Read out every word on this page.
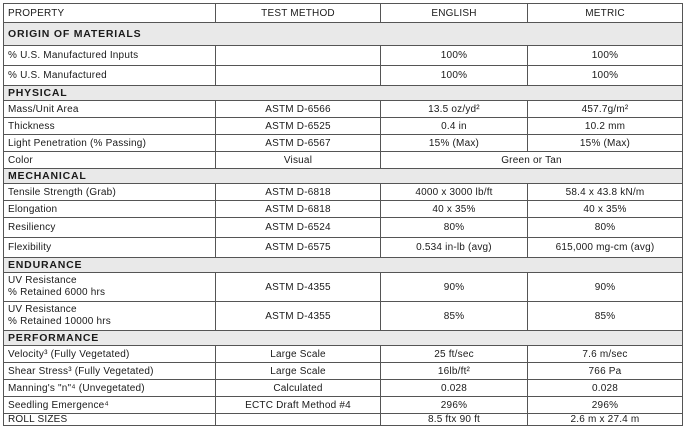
PROPERTY	TEST METHOD	ENGLISH	METRIC
ORIGIN OF MATERIALS			
% U.S. Manufactured Inputs		100%	100%
% U.S. Manufactured		100%	100%
PHYSICAL			
Mass/Unit Area	ASTM D-6566	13.5 oz/yd²	457.7g/m²
Thickness	ASTM D-6525	0.4 in	10.2 mm
Light Penetration (% Passing)	ASTM D-6567	15% (Max)	15% (Max)
Color	Visual	Green or Tan	
MECHANICAL			
Tensile Strength (Grab)	ASTM D-6818	4000 x 3000 lb/ft	58.4 x 43.8 kN/m
Elongation	ASTM D-6818	40 x 35%	40 x 35%
Resiliency	ASTM D-6524	80%	80%
Flexibility	ASTM D-6575	0.534 in-lb (avg)	615,000 mg-cm (avg)
ENDURANCE			

UV Resistance
% Retained 6000 hrs	ASTM D-4355	90%	90%

UV Resistance
% Retained 10000 hrs	ASTM D-4355	85%	85%
PERFORMANCE			
Velocity³ (Fully Vegetated)	Large Scale	25 ft/sec	7.6 m/sec
Shear Stress³ (Fully Vegetated)	Large Scale	16lb/ft²	766 Pa
Manning's "n"⁴ (Unvegetated)	Calculated	0.028	0.028
Seedling Emergence⁴	ECTC Draft Method #4	296%	296%
ROLL SIZES		8.5 ftx 90 ft	2.6 m x 27.4 m
